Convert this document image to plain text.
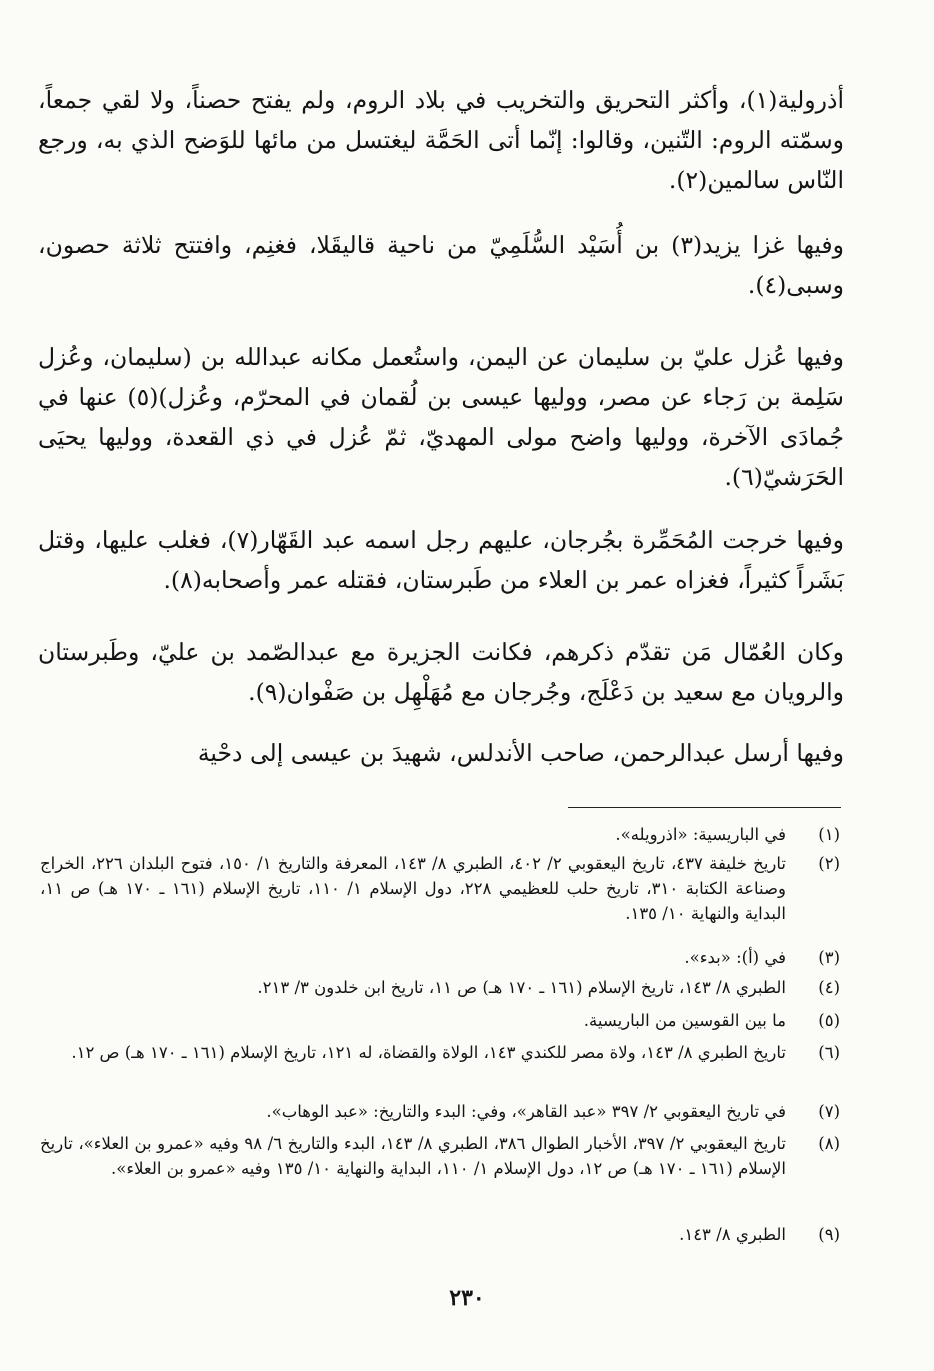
أذرولية(١)، وأكثر التحريق والتخريب في بلاد الروم، ولم يفتح حصناً، ولا لقي جمعاً، وسمّته الروم: التّنين، وقالوا: إنّما أتى الحَمَّة ليغتسل من مائها للوَضح الذي به، ورجع النّاس سالمين(٢).

وفيها غزا يزيد(٣) بن أُسَيْد السُّلَمِيّ من ناحية قاليقَلا، فغنِم، وافتتح ثلاثة حصون، وسبى(٤).

وفيها عُزل عليّ بن سليمان عن اليمن، واستُعمل مكانه عبدالله بن (سليمان، وعُزل سَلِمة بن رَجاء عن مصر، ووليها عيسى بن لُقمان في المحرّم، وعُزل)(٥) عنها في جُمادَى الآخرة، ووليها واضح مولى المهديّ، ثمّ عُزل في ذي القعدة، ووليها يحيَى الحَرَشيّ(٦).

وفيها خرجت المُحَمِّرة بجُرجان، عليهم رجل اسمه عبد القَهّار(٧)، فغلب عليها، وقتل بَشَراً كثيراً، فغزاه عمر بن العلاء من طَبرستان، فقتله عمر وأصحابه(٨).

وكان العُمّال مَن تقدّم ذكرهم، فكانت الجزيرة مع عبدالصّمد بن عليّ، وطَبرستان والرويان مع سعيد بن دَعْلَج، وجُرجان مع مُهَلْهِل بن صَفْوان(٩).

وفيها أرسل عبدالرحمن، صاحب الأندلس، شهيدَ بن عيسى إلى دحْية

(١)
في الباريسية: «اذرويله».
(٢)
تاريخ خليفة ٤٣٧، تاريخ اليعقوبي ٢/ ٤٠٢، الطبري ٨/ ١٤٣، المعرفة والتاريخ ١/ ١٥٠، فتوح البلدان ٢٢٦، الخراج وصناعة الكتابة ٣١٠، تاريخ حلب للعظيمي ٢٢٨، دول الإسلام ١/ ١١٠، تاريخ الإسلام (١٦١ ـ ١٧٠ هـ) ص ١١، البداية والنهاية ١٠/ ١٣٥.
(٣)
في (أ): «بدء».
(٤)
الطبري ٨/ ١٤٣، تاريخ الإسلام (١٦١ ـ ١٧٠ هـ) ص ١١، تاريخ ابن خلدون ٣/ ٢١٣.
(٥)
ما بين القوسين من الباريسية.
(٦)
تاريخ الطبري ٨/ ١٤٣، ولاة مصر للكندي ١٤٣، الولاة والقضاة، له ١٢١، تاريخ الإسلام (١٦١ ـ ١٧٠ هـ) ص ١٢.
(٧)
في تاريخ اليعقوبي ٢/ ٣٩٧ «عبد القاهر»، وفي: البدء والتاريخ: «عبد الوهاب».
(٨)
تاريخ اليعقوبي ٢/ ٣٩٧، الأخبار الطوال ٣٨٦، الطبري ٨/ ١٤٣، البدء والتاريخ ٦/ ٩٨ وفيه «عمرو بن العلاء»، تاريخ الإسلام (١٦١ ـ ١٧٠ هـ) ص ١٢، دول الإسلام ١/ ١١٠، البداية والنهاية ١٠/ ١٣٥ وفيه «عمرو بن العلاء».
(٩)
الطبري ٨/ ١٤٣.
٢٣٠
